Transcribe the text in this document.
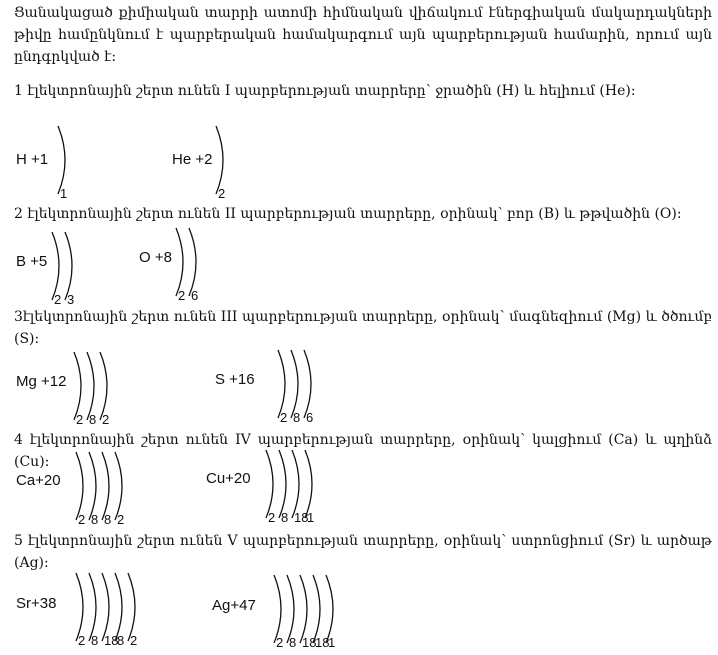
Ցանակացած քիմիական տարրի ատոմի հիմնական վիճակում էներգիական մակարդակների թիվը համընկնում է պարբերական համակարգում այն պարբերության համարին, որում այն ընդգրկված է:

1 էլեկտրոնային շերտ ունեն I պարբերության տարրերը՝ ջրածին (H) և հելիում (He):

H +1
1
He +2
2

2 էլեկտրոնային շերտ ունեն II պարբերության տարրերը, օրինակ՝ բոր (B) և թթվածին (O):

B +5
2 3
O +8
2 6

3էլեկտրոնային շերտ ունեն III պարբերության տարրերը, օրինակ՝ մագնեզիում (Mg) և ծծումբ (S):

Mg +12
2 8 2
S +16
2 8 6

4 էլեկտրոնային շերտ ունեն IV պարբերության տարրերը, օրինակ՝ կալցիում (Ca) և պղինձ (Cu):

Ca+20
2 8 8 2
Cu+20
2 8 18
1

5 էլեկտրոնային շերտ ունեն V պարբերության տարրերը, օրինակ՝ ստրոնցիում (Sr) և արծաթ (Ag):

Sr+38
2 8 18
8 2
Ag+47
2 8 18
18
1
